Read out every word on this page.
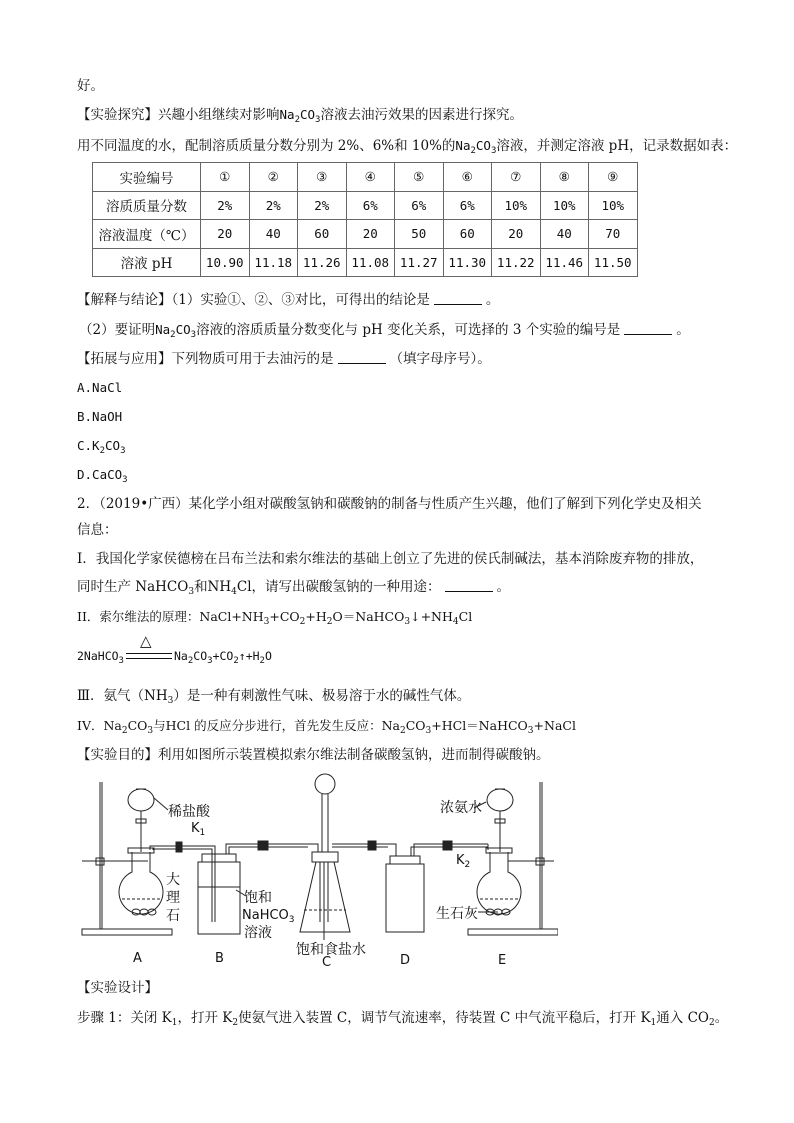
好。
【实验探究】兴趣小组继续对影响$Na_2CO_3$溶液去油污效果的因素进行探究。
用不同温度的水，配制溶质质量分数分别为 2%、6%和 10%的$Na_2CO_3$溶液，并测定溶液 pH，记录数据如表：
实验编号	①	②	③	④	⑤	⑥	⑦	⑧	⑨
溶质质量分数	2%	2%	2%	6%	6%	6%	10%	10%	10%
溶液温度（℃）	20	40	60	20	50	60	20	40	70
溶液 pH	10.90	11.18	11.26	11.08	11.27	11.30	11.22	11.46	11.50
【解释与结论】（1）实验①、②、③对比，可得出的结论是	。
（2）要证明$Na_2CO_3$溶液的溶质质量分数变化与 pH 变化关系，可选择的 3 个实验的编号是	。
【拓展与应用】下列物质可用于去油污的是	（填字母序号）。
A.NaCl
B.NaOH
$C.K_2CO_3$
D.CaCO$_3$
2．（2019•广西）某化学小组对碳酸氢钠和碳酸钠的制备与性质产生兴趣，他们了解到下列化学史及相关
信息：
I．我国化学家侯德榜在吕布兰法和索尔维法的基础上创立了先进的侯氏制碱法，基本消除废弃物的排放，
同时生产 NaHCO$_3$和$NH_4Cl$，请写出碳酸氢钠的一种用途：	。
II．索尔维法的原理：$NaCl+NH_3+CO_2+H_2O=NaHCO_3↓+NH_4Cl$
2NaHCO$_3$
△
$Na_2CO_3+CO_2↑+H_2O$
Ⅲ．氨气$(NH_3)$是一种有刺激性气味、极易溶于水的碱性气体。
IV．$Na_2CO_3$与HCl 的反应分步进行，首先发生反应：$Na_2CO_3+HCl=NaHCO_3+NaCl$
【实验目的】利用如图所示装置模拟索尔维法制备碳酸氢钠，进而制得碳酸钠。
稀盐酸
$K_1$
大
理
石
饱和
NaHCO$_3$
溶液
饱和食盐水
浓氨水
$K_2$
生石灰
A	B	C	D	E
【实验设计】
步骤 1：关闭 $K_1$，打开 $K_2$使氨气进入装置 C，调节气流速率，待装置 C 中气流平稳后，打开 $K_1$通入 $CO_2$。
